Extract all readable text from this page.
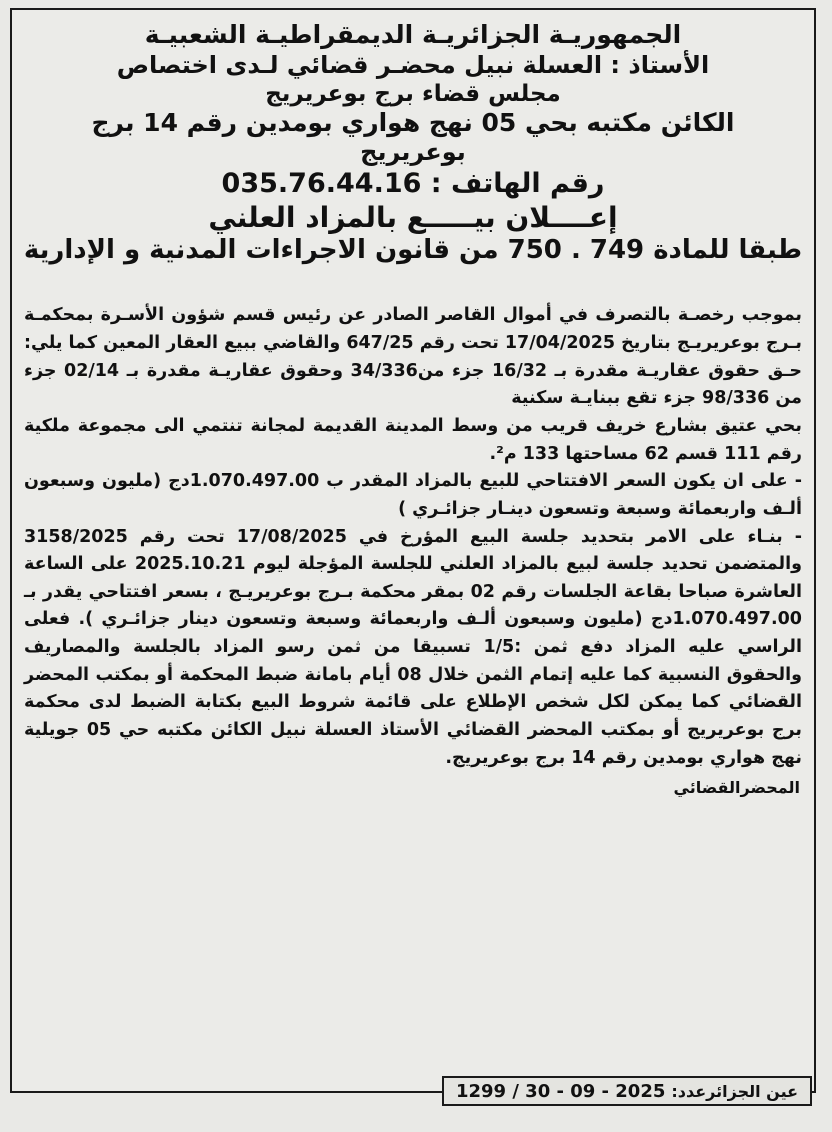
الجمهوريـة الجزائريـة الديمقراطيـة الشعبيـة
الأستاذ : العسلة نبيل محضـر قضائي لـدى اختصاص
مجلس قضاء برج بوعريريج
الكائن مكتبه بحي 05 نهج هواري بومدين رقم 14 برج
بوعريريج
رقم الهاتف : 035.76.44.16
إعــــلان بيـــــع بالمزاد العلني
طبقا للمادة 749 . 750 من قانون الاجراءات المدنية و الإدارية

بموجب رخصـة بالتصرف في أموال القاصر الصادر عن رئيس قسم شؤون الأسـرة بمحكمـة بـرج بوعريريـج بتاريخ 17/04/2025 تحت رقم 647/25 والقاضي ببيع العقار المعين كما يلي: حـق حقوق عقاريـة مقدرة بـ 16/32 جزء من34/336 وحقوق عقاريـة مقدرة بـ 02/14 جزء من 98/336 جزء تقع ببنايـة سكنية

بحي عتيق بشارع خريف قريب من وسط المدينة القديمة لمجانة تنتمي الى مجموعة ملكية رقم 111 قسم 62 مساحتها 133 م².

- على ان يكون السعر الافتتاحي للبيع بالمزاد المقدر ب 1.070.497.00دج (مليون وسبعون ألـف واربعمائة وسبعة وتسعون دينـار جزائـري )

- بنـاء على الامر بتحديد جلسة البيع المؤرخ في 17/08/2025 تحت رقم 3158/2025 والمتضمن تحديد جلسة لبيع بالمزاد العلني للجلسة المؤجلة ليوم 2025.10.21 على الساعة العاشرة صباحا بقاعة الجلسات رقم 02 بمقر محكمة بـرج بوعريريـج ، بسعر افتتاحي يقدر بـ 1.070.497.00دج (مليون وسبعون ألـف واربعمائة وسبعة وتسعون دينار جزائـري ). فعلى الراسي عليه المزاد دفع ثمن :1/5 تسبيقا من ثمن رسو المزاد بالجلسة والمصاريف والحقوق النسبية كما عليه إتمام الثمن خلال 08 أيام بامانة ضبط المحكمة أو بمكتب المحضر القضائي كما يمكن لكل شخص الإطلاع على قائمة شروط البيع بكتابة الضبط لدى محكمة برج بوعريريج أو بمكتب المحضر القضائي الأستاذ العسلة نبيل الكائن مكتبه حي 05 جويلية نهج هواري بومدين رقم 14 برج بوعريريج.

المحضرالقضائي
عين الجزائرعدد:
1299 / 30 - 09 - 2025
